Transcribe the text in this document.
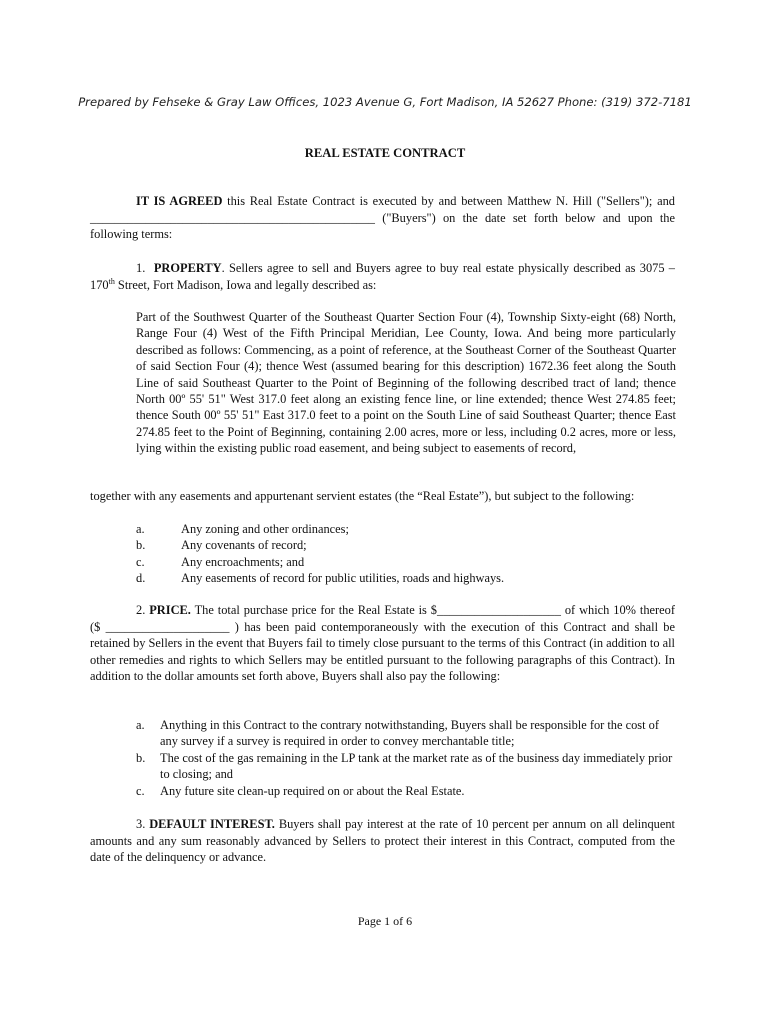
Prepared by Fehseke & Gray Law Offices, 1023 Avenue G, Fort Madison, IA 52627 Phone: (319) 372-7181
REAL ESTATE CONTRACT
IT IS AGREED this Real Estate Contract is executed by and between Matthew N. Hill ("Sellers"); and ______________________________________________ ("Buyers") on the date set forth below and upon the following terms:
1. PROPERTY. Sellers agree to sell and Buyers agree to buy real estate physically described as 3075 – 170th Street, Fort Madison, Iowa and legally described as:
Part of the Southwest Quarter of the Southeast Quarter Section Four (4), Township Sixty-eight (68) North, Range Four (4) West of the Fifth Principal Meridian, Lee County, Iowa. And being more particularly described as follows: Commencing, as a point of reference, at the Southeast Corner of the Southeast Quarter of said Section Four (4); thence West (assumed bearing for this description) 1672.36 feet along the South Line of said Southeast Quarter to the Point of Beginning of the following described tract of land; thence North 00º 55' 51" West 317.0 feet along an existing fence line, or line extended; thence West 274.85 feet; thence South 00º 55' 51" East 317.0 feet to a point on the South Line of said Southeast Quarter; thence East 274.85 feet to the Point of Beginning, containing 2.00 acres, more or less, including 0.2 acres, more or less, lying within the existing public road easement, and being subject to easements of record,
together with any easements and appurtenant servient estates (the “Real Estate”), but subject to the following:
a.	Any zoning and other ordinances;
b.	Any covenants of record;
c.	Any encroachments; and
d.	Any easements of record for public utilities, roads and highways.
2. PRICE. The total purchase price for the Real Estate is $____________________ of which 10% thereof ($ ____________________ ) has been paid contemporaneously with the execution of this Contract and shall be retained by Sellers in the event that Buyers fail to timely close pursuant to the terms of this Contract (in addition to all other remedies and rights to which Sellers may be entitled pursuant to the following paragraphs of this Contract). In addition to the dollar amounts set forth above, Buyers shall also pay the following:
a.	Anything in this Contract to the contrary notwithstanding, Buyers shall be responsible for the cost of any survey if a survey is required in order to convey merchantable title;
b.	The cost of the gas remaining in the LP tank at the market rate as of the business day immediately prior to closing; and
c.	Any future site clean-up required on or about the Real Estate.
3. DEFAULT INTEREST. Buyers shall pay interest at the rate of 10 percent per annum on all delinquent amounts and any sum reasonably advanced by Sellers to protect their interest in this Contract, computed from the date of the delinquency or advance.
Page 1 of 6
